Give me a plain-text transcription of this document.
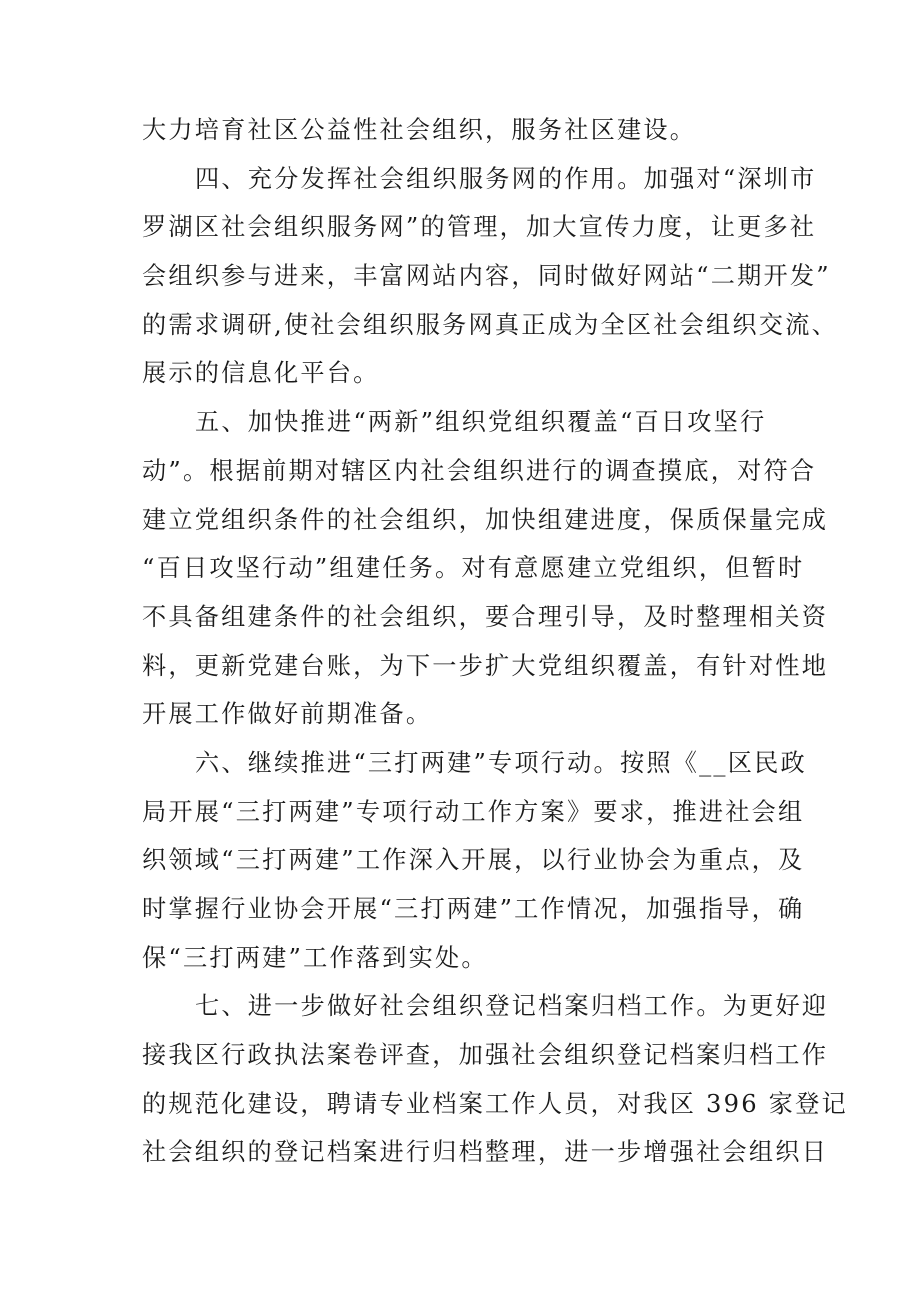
大力培育社区公益性社会组织，服务社区建设。
四、充分发挥社会组织服务网的作用。加强对“深圳市
罗湖区社会组织服务网”的管理，加大宣传力度，让更多社
会组织参与进来，丰富网站内容，同时做好网站“二期开发”
的需求调研,使社会组织服务网真正成为全区社会组织交流、
展示的信息化平台。
五、加快推进“两新”组织党组织覆盖“百日攻坚行
动”。根据前期对辖区内社会组织进行的调查摸底，对符合
建立党组织条件的社会组织，加快组建进度，保质保量完成
“百日攻坚行动”组建任务。对有意愿建立党组织，但暂时
不具备组建条件的社会组织，要合理引导，及时整理相关资
料，更新党建台账，为下一步扩大党组织覆盖，有针对性地
开展工作做好前期准备。
六、继续推进“三打两建”专项行动。按照《__区民政
局开展“三打两建”专项行动工作方案》要求，推进社会组
织领域“三打两建”工作深入开展，以行业协会为重点，及
时掌握行业协会开展“三打两建”工作情况，加强指导，确
保“三打两建”工作落到实处。
七、进一步做好社会组织登记档案归档工作。为更好迎
接我区行政执法案卷评查，加强社会组织登记档案归档工作
的规范化建设，聘请专业档案工作人员，对我区 396 家登记
社会组织的登记档案进行归档整理，进一步增强社会组织日
